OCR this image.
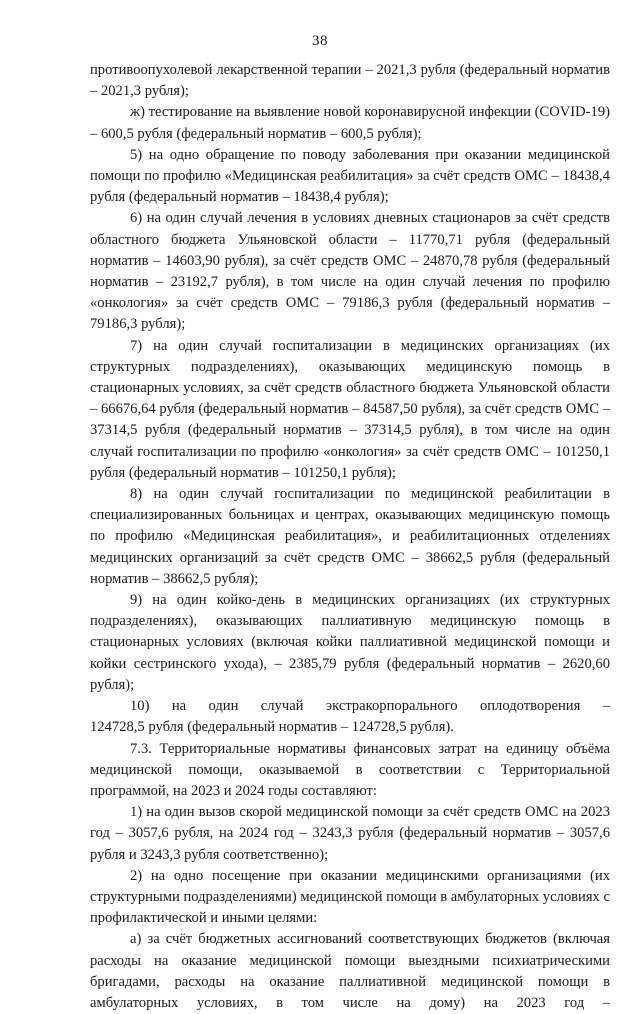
38

противоопухолевой лекарственной терапии – 2021,3 рубля (федеральный норматив – 2021,3 рубля);

ж) тестирование на выявление новой коронавирусной инфекции (COVID-19) – 600,5 рубля (федеральный норматив – 600,5 рубля);

5) на одно обращение по поводу заболевания при оказании медицинской помощи по профилю «Медицинская реабилитация» за счёт средств ОМС – 18438,4 рубля (федеральный норматив – 18438,4 рубля);

6) на один случай лечения в условиях дневных стационаров за счёт средств областного бюджета Ульяновской области – 11770,71 рубля (федеральный норматив – 14603,90 рубля), за счёт средств ОМС – 24870,78 рубля (федеральный норматив – 23192,7 рубля), в том числе на один случай лечения по профилю «онкология» за счёт средств ОМС – 79186,3 рубля (федеральный норматив – 79186,3 рубля);

7) на один случай госпитализации в медицинских организациях (их структурных подразделениях), оказывающих медицинскую помощь в стационарных условиях, за счёт средств областного бюджета Ульяновской области – 66676,64 рубля (федеральный норматив – 84587,50 рубля), за счёт средств ОМС – 37314,5 рубля (федеральный норматив – 37314,5 рубля), в том числе на один случай госпитализации по профилю «онкология» за счёт средств ОМС – 101250,1 рубля (федеральный норматив – 101250,1 рубля);

8) на один случай госпитализации по медицинской реабилитации в специализированных больницах и центрах, оказывающих медицинскую помощь по профилю «Медицинская реабилитация», и реабилитационных отделениях медицинских организаций за счёт средств ОМС – 38662,5 рубля (федеральный норматив – 38662,5 рубля);

9) на один койко-день в медицинских организациях (их структурных подразделениях), оказывающих паллиативную медицинскую помощь в стационарных условиях (включая койки паллиативной медицинской помощи и койки сестринского ухода), – 2385,79 рубля (федеральный норматив – 2620,60 рубля);

10) на один случай экстракорпорального оплодотворения –

124728,5 рубля (федеральный норматив – 124728,5 рубля).

7.3. Территориальные нормативы финансовых затрат на единицу объёма медицинской помощи, оказываемой в соответствии с Территориальной программой, на 2023 и 2024 годы составляют:

1) на один вызов скорой медицинской помощи за счёт средств ОМС на 2023 год – 3057,6 рубля, на 2024 год – 3243,3 рубля (федеральный норматив – 3057,6 рубля и 3243,3 рубля соответственно);

2) на одно посещение при оказании медицинскими организациями (их структурными подразделениями) медицинской помощи в амбулаторных условиях с профилактической и иными целями:

а) за счёт бюджетных ассигнований соответствующих бюджетов (включая расходы на оказание медицинской помощи выездными психиатрическими бригадами, расходы на оказание паллиативной медицинской помощи в амбулаторных условиях, в том числе на дому) на 2023 год –
